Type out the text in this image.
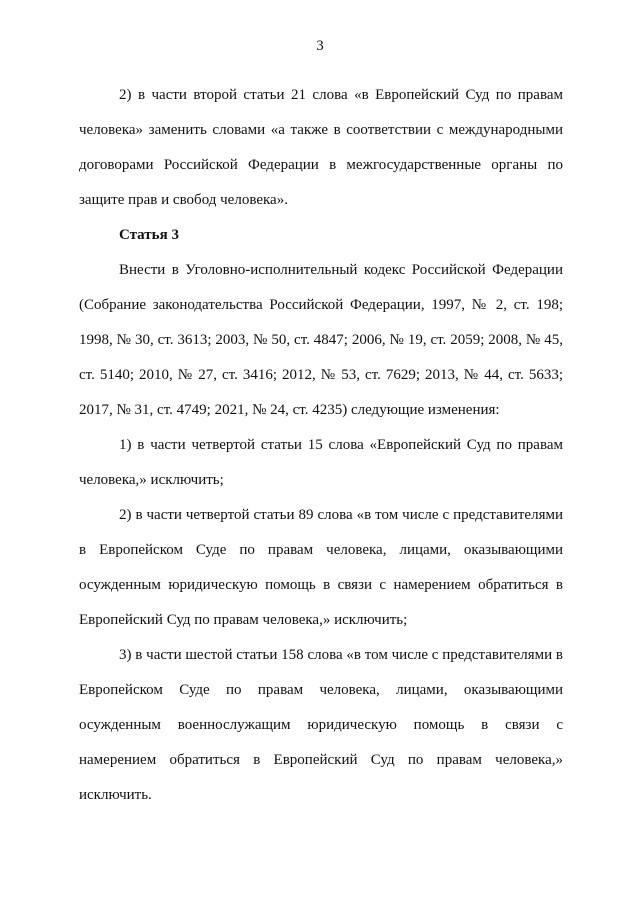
3

2) в части второй статьи 21 слова «в Европейский Суд по правам человека» заменить словами «а также в соответствии с международными договорами Российской Федерации в межгосударственные органы по защите прав и свобод человека».

Статья 3

Внести в Уголовно-исполнительный кодекс Российской Федерации (Собрание законодательства Российской Федерации, 1997, № 2, ст. 198; 1998, № 30, ст. 3613; 2003, № 50, ст. 4847; 2006, № 19, ст. 2059; 2008, № 45, ст. 5140; 2010, № 27, ст. 3416; 2012, № 53, ст. 7629; 2013, № 44, ст. 5633; 2017, № 31, ст. 4749; 2021, № 24, ст. 4235) следующие изменения:

1) в части четвертой статьи 15 слова «Европейский Суд по правам человека,» исключить;

2) в части четвертой статьи 89 слова «в том числе с представителями в Европейском Суде по правам человека, лицами, оказывающими осужденным юридическую помощь в связи с намерением обратиться в Европейский Суд по правам человека,» исключить;

3) в части шестой статьи 158 слова «в том числе с представителями в Европейском Суде по правам человека, лицами, оказывающими осужденным военнослужащим юридическую помощь в связи с намерением обратиться в Европейский Суд по правам человека,» исключить.
